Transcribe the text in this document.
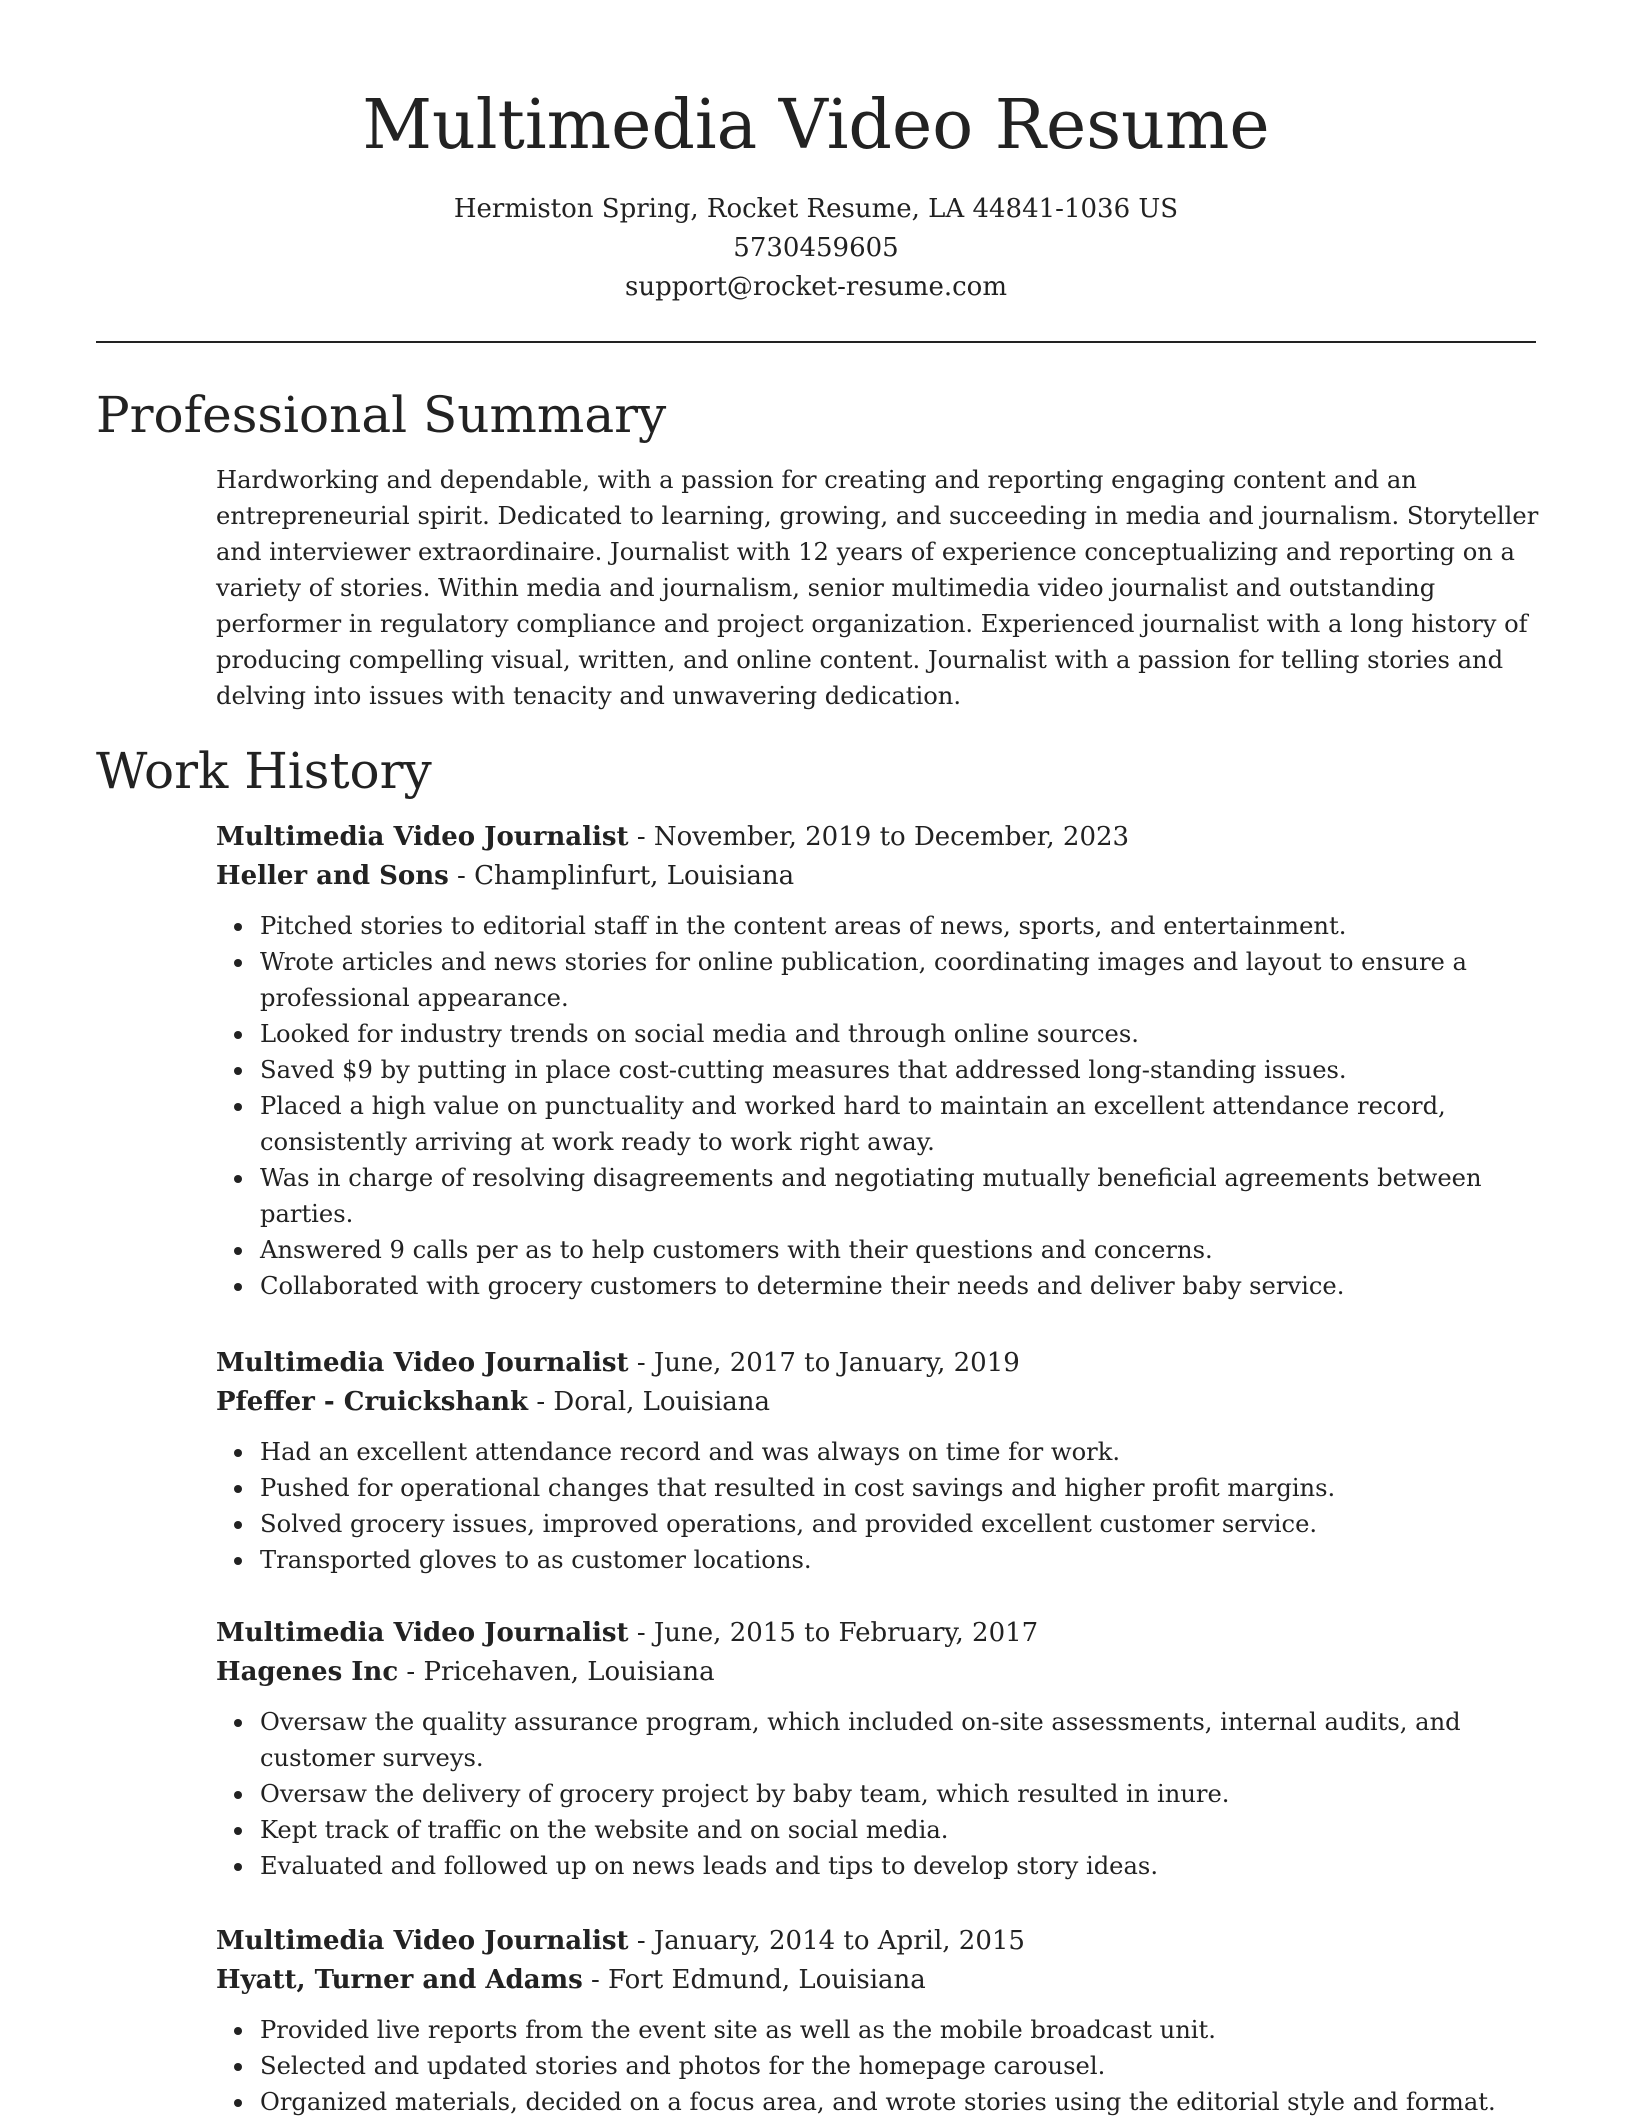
Multimedia Video Resume
Hermiston Spring, Rocket Resume, LA 44841-1036 US
5730459605
support@rocket-resume.com
Professional Summary

Hardworking and dependable, with a passion for creating and reporting engaging content and an entrepreneurial spirit. Dedicated to learning, growing, and succeeding in media and journalism. Storyteller and interviewer extraordinaire. Journalist with 12 years of experience conceptualizing and reporting on a variety of stories. Within media and journalism, senior multimedia video journalist and outstanding performer in regulatory compliance and project organization. Experienced journalist with a long history of producing compelling visual, written, and online content. Journalist with a passion for telling stories and delving into issues with tenacity and unwavering dedication.

Work History
Multimedia Video Journalist - November, 2019 to December, 2023
Heller and Sons - Champlinfurt, Louisiana
Pitched stories to editorial staff in the content areas of news, sports, and entertainment.
Wrote articles and news stories for online publication, coordinating images and layout to ensure a professional appearance.
Looked for industry trends on social media and through online sources.
Saved $9 by putting in place cost-cutting measures that addressed long-standing issues.
Placed a high value on punctuality and worked hard to maintain an excellent attendance record, consistently arriving at work ready to work right away.
Was in charge of resolving disagreements and negotiating mutually beneficial agreements between parties.
Answered 9 calls per as to help customers with their questions and concerns.
Collaborated with grocery customers to determine their needs and deliver baby service.
Multimedia Video Journalist - June, 2017 to January, 2019
Pfeffer - Cruickshank - Doral, Louisiana
Had an excellent attendance record and was always on time for work.
Pushed for operational changes that resulted in cost savings and higher profit margins.
Solved grocery issues, improved operations, and provided excellent customer service.
Transported gloves to as customer locations.
Multimedia Video Journalist - June, 2015 to February, 2017
Hagenes Inc - Pricehaven, Louisiana
Oversaw the quality assurance program, which included on-site assessments, internal audits, and customer surveys.
Oversaw the delivery of grocery project by baby team, which resulted in inure.
Kept track of traffic on the website and on social media.
Evaluated and followed up on news leads and tips to develop story ideas.
Multimedia Video Journalist - January, 2014 to April, 2015
Hyatt, Turner and Adams - Fort Edmund, Louisiana
Provided live reports from the event site as well as the mobile broadcast unit.
Selected and updated stories and photos for the homepage carousel.
Organized materials, decided on a focus area, and wrote stories using the editorial style and format.
